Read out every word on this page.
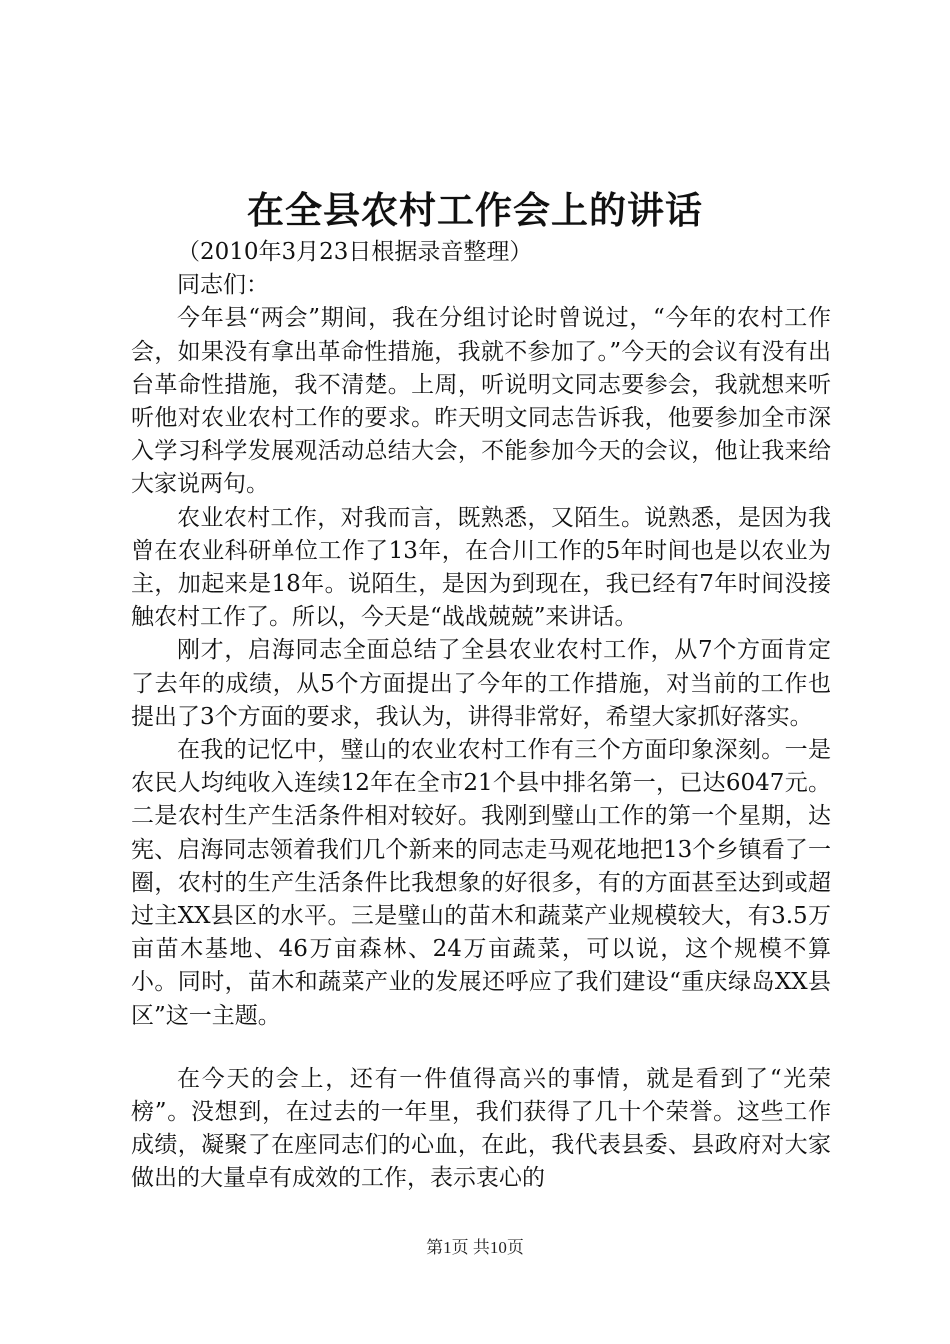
在全县农村工作会上的讲话

（2010年3月23日根据录音整理）

同志们：

今年县“两会”期间，我在分组讨论时曾说过，“今年的农村工作会，如果没有拿出革命性措施，我就不参加了。”今天的会议有没有出台革命性措施，我不清楚。上周，听说明文同志要参会，我就想来听听他对农业农村工作的要求。昨天明文同志告诉我，他要参加全市深入学习科学发展观活动总结大会，不能参加今天的会议，他让我来给大家说两句。

农业农村工作，对我而言，既熟悉，又陌生。说熟悉，是因为我曾在农业科研单位工作了13年，在合川工作的5年时间也是以农业为主，加起来是18年。说陌生，是因为到现在，我已经有7年时间没接触农村工作了。所以，今天是“战战兢兢”来讲话。

刚才，启海同志全面总结了全县农业农村工作，从7个方面肯定了去年的成绩，从5个方面提出了今年的工作措施，对当前的工作也提出了3个方面的要求，我认为，讲得非常好，希望大家抓好落实。

在我的记忆中，璧山的农业农村工作有三个方面印象深刻。一是农民人均纯收入连续12年在全市21个县中排名第一，已达6047元。二是农村生产生活条件相对较好。我刚到璧山工作的第一个星期，达宪、启海同志领着我们几个新来的同志走马观花地把13个乡镇看了一圈，农村的生产生活条件比我想象的好很多，有的方面甚至达到或超过主XX县区的水平。三是璧山的苗木和蔬菜产业规模较大，有3.5万亩苗木基地、46万亩森林、24万亩蔬菜，可以说，这个规模不算小。同时，苗木和蔬菜产业的发展还呼应了我们建设“重庆绿岛XX县区”这一主题。

在今天的会上，还有一件值得高兴的事情，就是看到了“光荣榜”。没想到，在过去的一年里，我们获得了几十个荣誉。这些工作成绩，凝聚了在座同志们的心血，在此，我代表县委、县政府对大家做出的大量卓有成效的工作，表示衷心的

第1页 共10页
